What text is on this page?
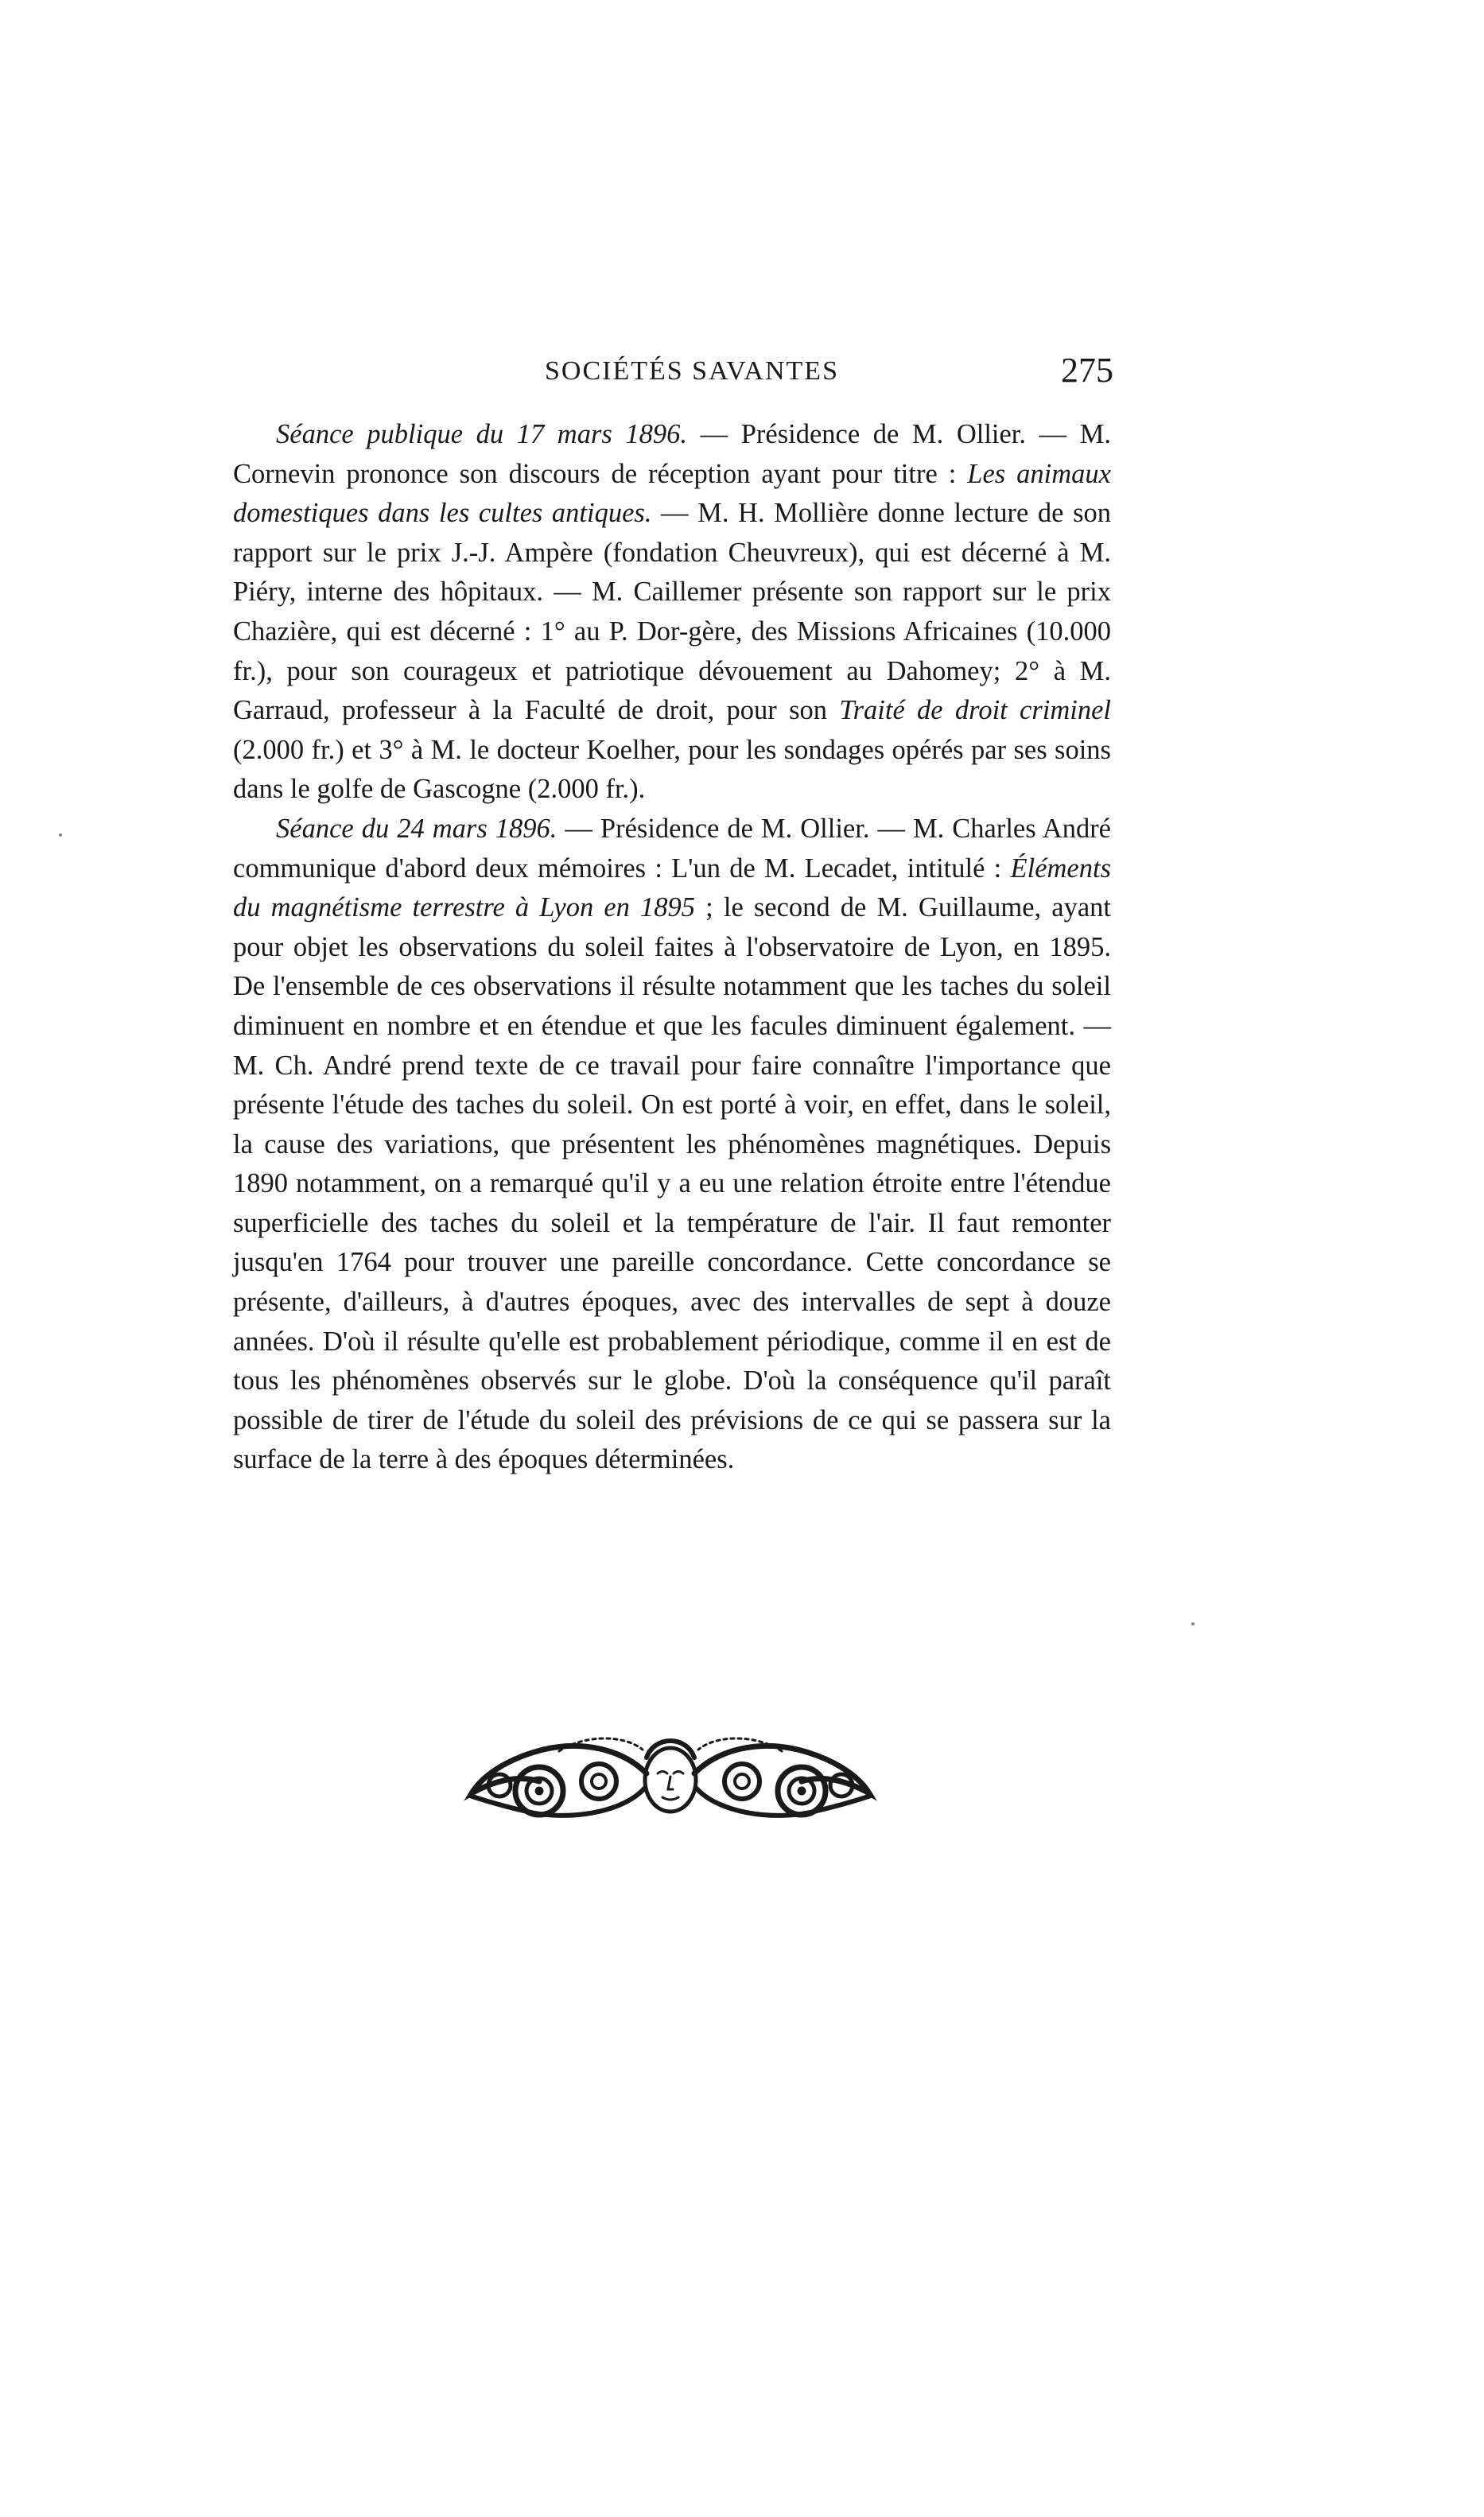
SOCIÉTÉS SAVANTES	275

Séance publique du 17 mars 1896. — Présidence de M. Ollier. — M. Cornevin prononce son discours de réception ayant pour titre : Les animaux domestiques dans les cultes antiques. — M. H. Mollière donne lecture de son rapport sur le prix J.-J. Ampère (fondation Cheuvreux), qui est décerné à M. Piéry, interne des hôpitaux. — M. Caillemer présente son rapport sur le prix Chazière, qui est décerné : 1° au P. Dor-gère, des Missions Africaines (10.000 fr.), pour son courageux et patriotique dévouement au Dahomey; 2° à M. Garraud, professeur à la Faculté de droit, pour son Traité de droit criminel (2.000 fr.) et 3° à M. le docteur Koelher, pour les sondages opérés par ses soins dans le golfe de Gascogne (2.000 fr.).

Séance du 24 mars 1896. — Présidence de M. Ollier. — M. Charles André communique d'abord deux mémoires : L'un de M. Lecadet, intitulé : Éléments du magnétisme terrestre à Lyon en 1895 ; le second de M. Guillaume, ayant pour objet les observations du soleil faites à l'observatoire de Lyon, en 1895. De l'ensemble de ces observations il résulte notamment que les taches du soleil diminuent en nombre et en étendue et que les facules diminuent également. — M. Ch. André prend texte de ce travail pour faire connaître l'importance que présente l'étude des taches du soleil. On est porté à voir, en effet, dans le soleil, la cause des variations, que présentent les phénomènes magnétiques. Depuis 1890 notamment, on a remarqué qu'il y a eu une relation étroite entre l'étendue superficielle des taches du soleil et la température de l'air. Il faut remonter jusqu'en 1764 pour trouver une pareille concordance. Cette concordance se présente, d'ailleurs, à d'autres époques, avec des intervalles de sept à douze années. D'où il résulte qu'elle est probablement périodique, comme il en est de tous les phénomènes observés sur le globe. D'où la conséquence qu'il paraît possible de tirer de l'étude du soleil des prévisions de ce qui se passera sur la surface de la terre à des époques déterminées.
